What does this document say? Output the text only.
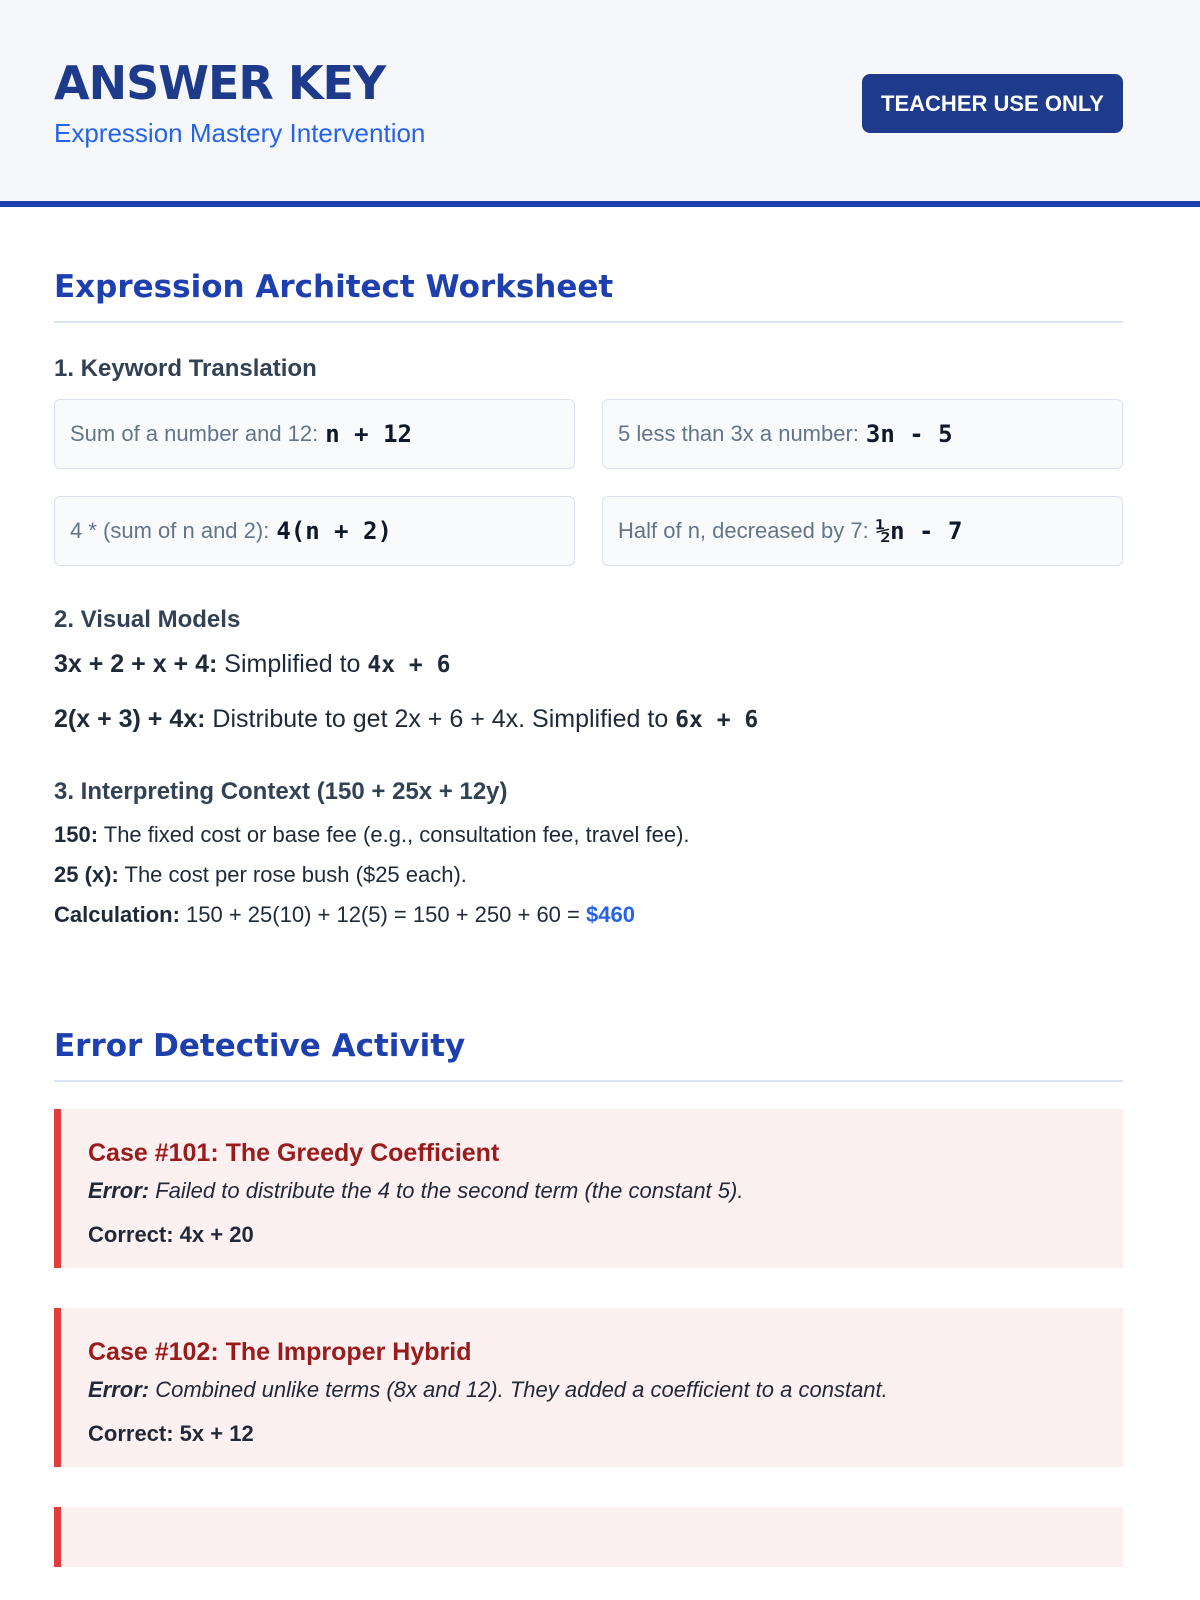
ANSWER KEY
Expression Mastery Intervention
TEACHER USE ONLY
Expression Architect Worksheet
1. Keyword Translation
Sum of a number and 12: n + 12	5 less than 3x a number: 3n - 5
4 * (sum of n and 2): 4(n + 2)	Half of n, decreased by 7: ½n - 7
2. Visual Models

3x + 2 + x + 4: Simplified to 4x + 6

2(x + 3) + 4x: Distribute to get 2x + 6 + 4x. Simplified to 6x + 6

3. Interpreting Context (150 + 25x + 12y)

150: The fixed cost or base fee (e.g., consultation fee, travel fee).

25 (x): The cost per rose bush ($25 each).

Calculation: 150 + 25(10) + 12(5) = 150 + 250 + 60 = $460

Error Detective Activity
Case #101: The Greedy Coefficient

Error: Failed to distribute the 4 to the second term (the constant 5).

Correct: 4x + 20

Case #102: The Improper Hybrid

Error: Combined unlike terms (8x and 12). They added a coefficient to a constant.

Correct: 5x + 12
